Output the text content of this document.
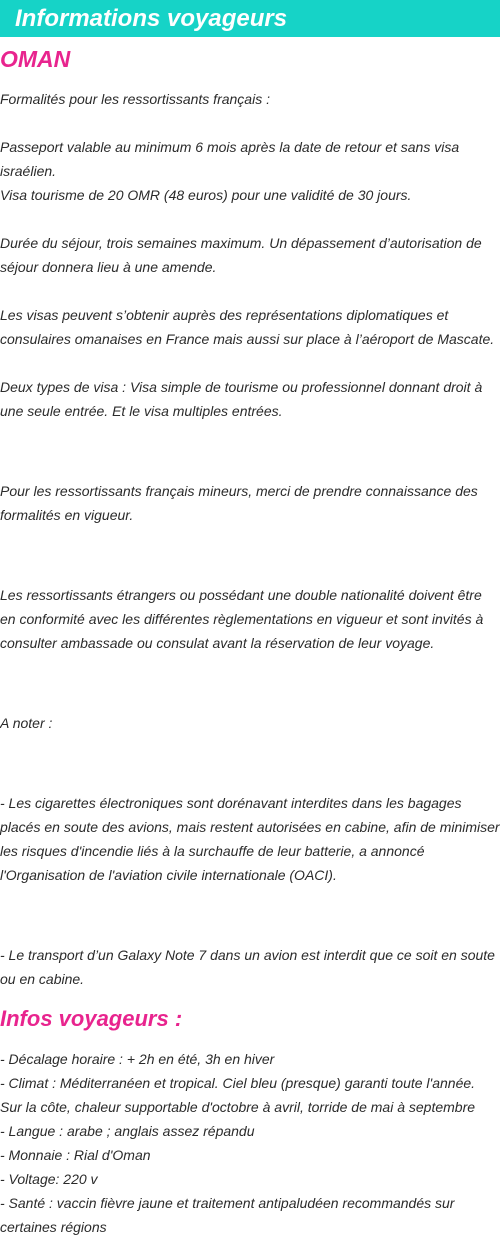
Informations voyageurs
OMAN
Formalités pour les ressortissants français :
Passeport valable au minimum 6 mois après la date de retour et sans visa israélien.
Visa tourisme de 20 OMR (48 euros) pour une validité de 30 jours.
Durée du séjour, trois semaines maximum. Un dépassement d’autorisation de séjour donnera lieu à une amende.
Les visas peuvent s’obtenir auprès des représentations diplomatiques et consulaires omanaises en France mais aussi sur place à l’aéroport de Mascate.
Deux types de visa : Visa simple de tourisme ou professionnel donnant droit à une seule entrée. Et le visa multiples entrées.
Pour les ressortissants français mineurs, merci de prendre connaissance des formalités en vigueur.
Les ressortissants étrangers ou possédant une double nationalité doivent être en conformité avec les différentes règlementations en vigueur et sont invités à consulter ambassade ou consulat avant la réservation de leur voyage.
A noter :
- Les cigarettes électroniques sont dorénavant interdites dans les bagages placés en soute des avions, mais restent autorisées en cabine, afin de minimiser les risques d'incendie liés à la surchauffe de leur batterie, a annoncé l'Organisation de l'aviation civile internationale (OACI).
- Le transport d’un Galaxy Note 7 dans un avion est interdit que ce soit en soute ou en cabine.
Infos voyageurs :
- Décalage horaire : + 2h en été, 3h en hiver
- Climat : Méditerranéen et tropical. Ciel bleu (presque) garanti toute l'année. Sur la côte, chaleur supportable d'octobre à avril, torride de mai à septembre
- Langue : arabe ; anglais assez répandu
- Monnaie : Rial d'Oman
- Voltage: 220 v
- Santé : vaccin fièvre jaune et traitement antipaludéen recommandés sur certaines régions
